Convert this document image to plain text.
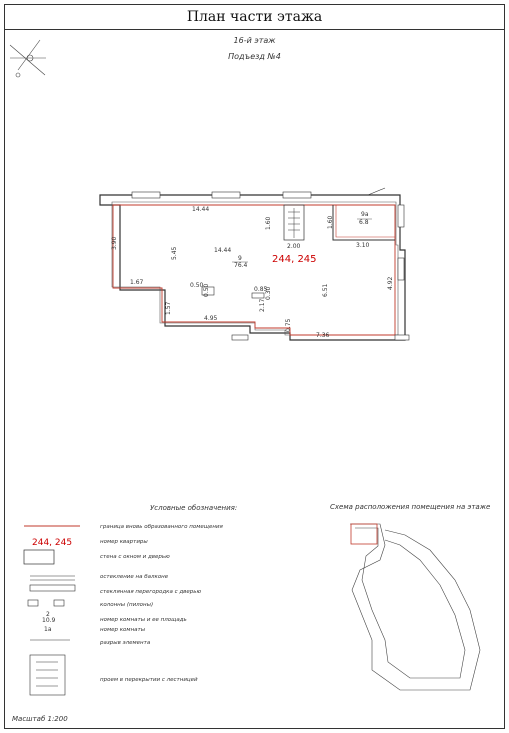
План части этажа
16-й этаж
Подъезд №4
14.44
14.44
3.90
5.45
1.67
1.57
4.95
0.50 0.50	0.85
0.30
2.17
6.51
1.60
2.00
1.60
3.10
4.92
7.36
0.75
9
76.4
9а
6.8
244, 245
Условные обозначения:
244, 245
2
10.9
1а
граница вновь образованного помещения
номер квартиры
стена с окном и дверью
остекление на балконе
стеклянная перегородка с дверью
колонны (пилоны)
номер комнаты и ее площадь
номер комнаты
разрыв элемента
проем в перекрытии с лестницей
Схема расположения помещения на этаже
Масштаб 1:200
